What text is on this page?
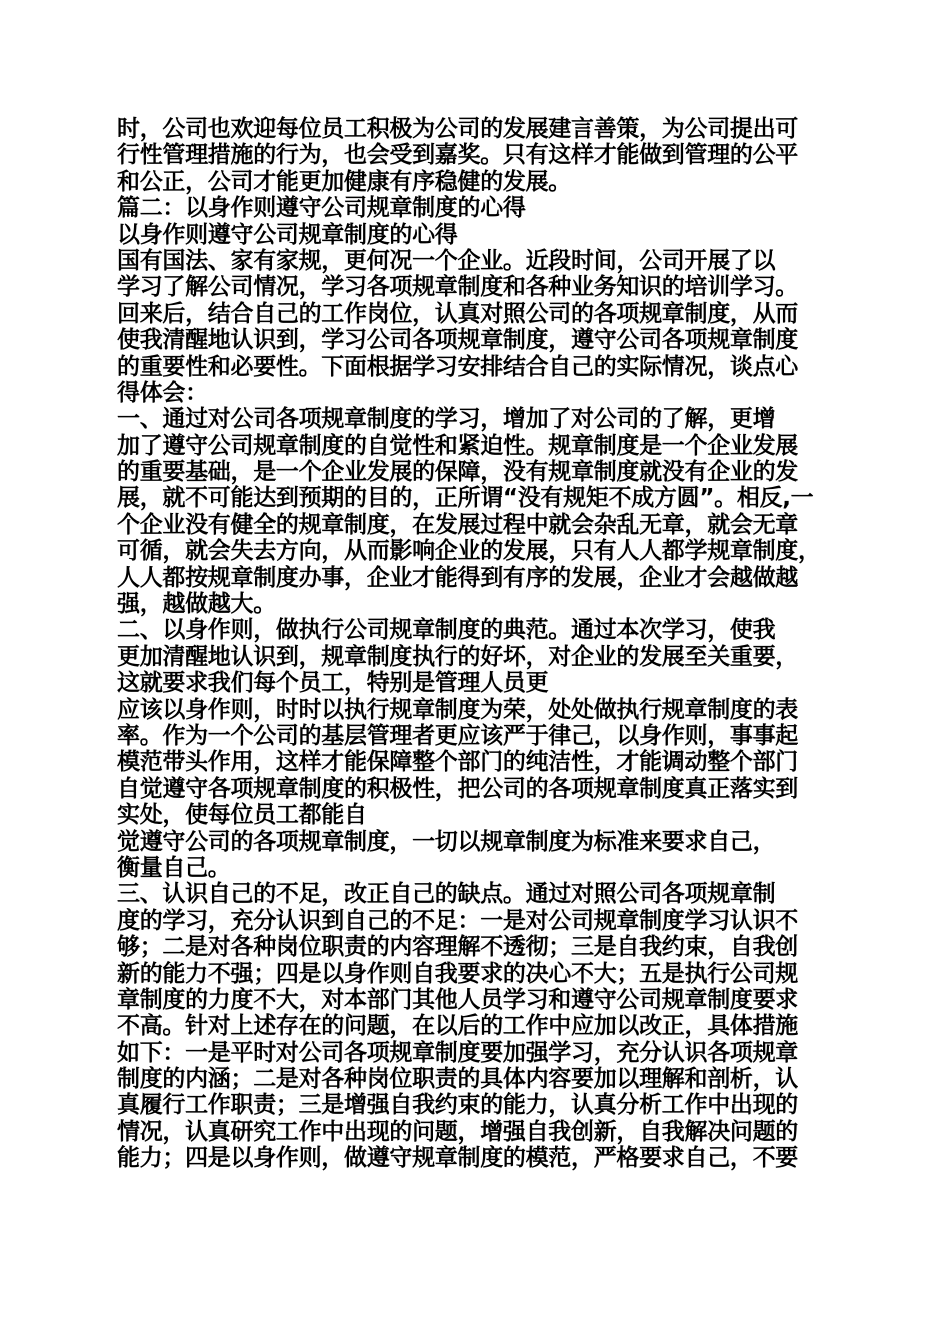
时，公司也欢迎每位员工积极为公司的发展建言善策，为公司提出可
行性管理措施的行为，也会受到嘉奖。只有这样才能做到管理的公平
和公正，公司才能更加健康有序稳健的发展。
篇二：以身作则遵守公司规章制度的心得
以身作则遵守公司规章制度的心得
国有国法、家有家规，更何况一个企业。近段时间，公司开展了以
学习了解公司情况，学习各项规章制度和各种业务知识的培训学习。
回来后，结合自己的工作岗位，认真对照公司的各项规章制度，从而
使我清醒地认识到，学习公司各项规章制度，遵守公司各项规章制度
的重要性和必要性。下面根据学习安排结合自己的实际情况，谈点心
得体会：
一、通过对公司各项规章制度的学习，增加了对公司的了解，更增
加了遵守公司规章制度的自觉性和紧迫性。规章制度是一个企业发展
的重要基础，是一个企业发展的保障，没有规章制度就没有企业的发
展，就不可能达到预期的目的，正所谓“没有规矩不成方圆”。相反,一
个企业没有健全的规章制度，在发展过程中就会杂乱无章，就会无章
可循，就会失去方向，从而影响企业的发展，只有人人都学规章制度，
人人都按规章制度办事，企业才能得到有序的发展，企业才会越做越
强，越做越大。
二、以身作则，做执行公司规章制度的典范。通过本次学习，使我
更加清醒地认识到，规章制度执行的好坏，对企业的发展至关重要，
这就要求我们每个员工，特别是管理人员更
应该以身作则，时时以执行规章制度为荣，处处做执行规章制度的表
率。作为一个公司的基层管理者更应该严于律己，以身作则，事事起
模范带头作用，这样才能保障整个部门的纯洁性，才能调动整个部门
自觉遵守各项规章制度的积极性，把公司的各项规章制度真正落实到
实处，使每位员工都能自
觉遵守公司的各项规章制度，一切以规章制度为标准来要求自己，
衡量自己。
三、认识自己的不足，改正自己的缺点。通过对照公司各项规章制
度的学习，充分认识到自己的不足：一是对公司规章制度学习认识不
够；二是对各种岗位职责的内容理解不透彻；三是自我约束，自我创
新的能力不强；四是以身作则自我要求的决心不大；五是执行公司规
章制度的力度不大，对本部门其他人员学习和遵守公司规章制度要求
不高。针对上述存在的问题，在以后的工作中应加以改正，具体措施
如下：一是平时对公司各项规章制度要加强学习，充分认识各项规章
制度的内涵；二是对各种岗位职责的具体内容要加以理解和剖析，认
真履行工作职责；三是增强自我约束的能力，认真分析工作中出现的
情况，认真研究工作中出现的问题，增强自我创新，自我解决问题的
能力；四是以身作则，做遵守规章制度的模范，严格要求自己，不要
